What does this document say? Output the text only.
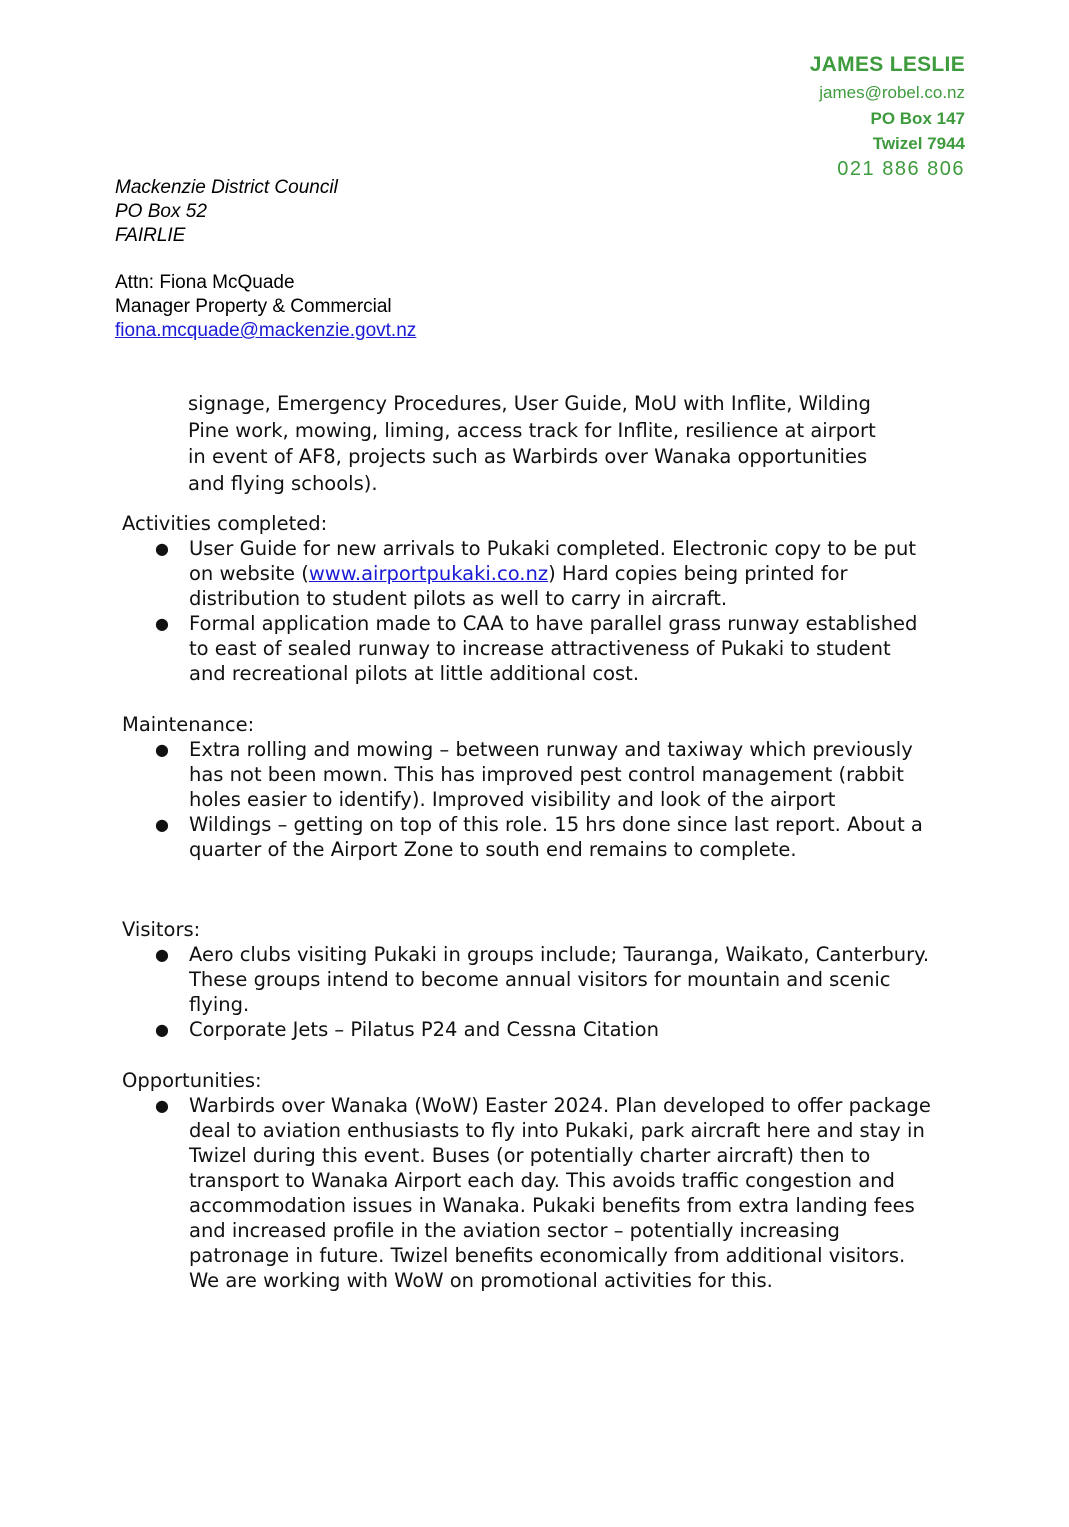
JAMES LESLIE
james@robel.co.nz
PO Box 147
Twizel 7944
021 886 806
Mackenzie District Council
PO Box 52
FAIRLIE
Attn: Fiona McQuade
Manager Property & Commercial
fiona.mcquade@mackenzie.govt.nz
signage, Emergency Procedures, User Guide, MoU with Inflite, Wilding
Pine work, mowing, liming, access track for Inflite, resilience at airport
in event of AF8, projects such as Warbirds over Wanaka opportunities
and flying schools).
Activities completed:
● User Guide for new arrivals to Pukaki completed. Electronic copy to be put on website (www.airportpukaki.co.nz) Hard copies being printed for distribution to student pilots as well to carry in aircraft.
● Formal application made to CAA to have parallel grass runway established to east of sealed runway to increase attractiveness of Pukaki to student and recreational pilots at little additional cost.
Maintenance:
● Extra rolling and mowing – between runway and taxiway which previously has not been mown. This has improved pest control management (rabbit holes easier to identify). Improved visibility and look of the airport
● Wildings – getting on top of this role. 15 hrs done since last report. About a quarter of the Airport Zone to south end remains to complete.
Visitors:
● Aero clubs visiting Pukaki in groups include; Tauranga, Waikato, Canterbury. These groups intend to become annual visitors for mountain and scenic flying.
● Corporate Jets – Pilatus P24 and Cessna Citation
Opportunities:
● Warbirds over Wanaka (WoW) Easter 2024. Plan developed to offer package deal to aviation enthusiasts to fly into Pukaki, park aircraft here and stay in Twizel during this event. Buses (or potentially charter aircraft) then to transport to Wanaka Airport each day. This avoids traffic congestion and accommodation issues in Wanaka. Pukaki benefits from extra landing fees and increased profile in the aviation sector – potentially increasing patronage in future. Twizel benefits economically from additional visitors. We are working with WoW on promotional activities for this.
